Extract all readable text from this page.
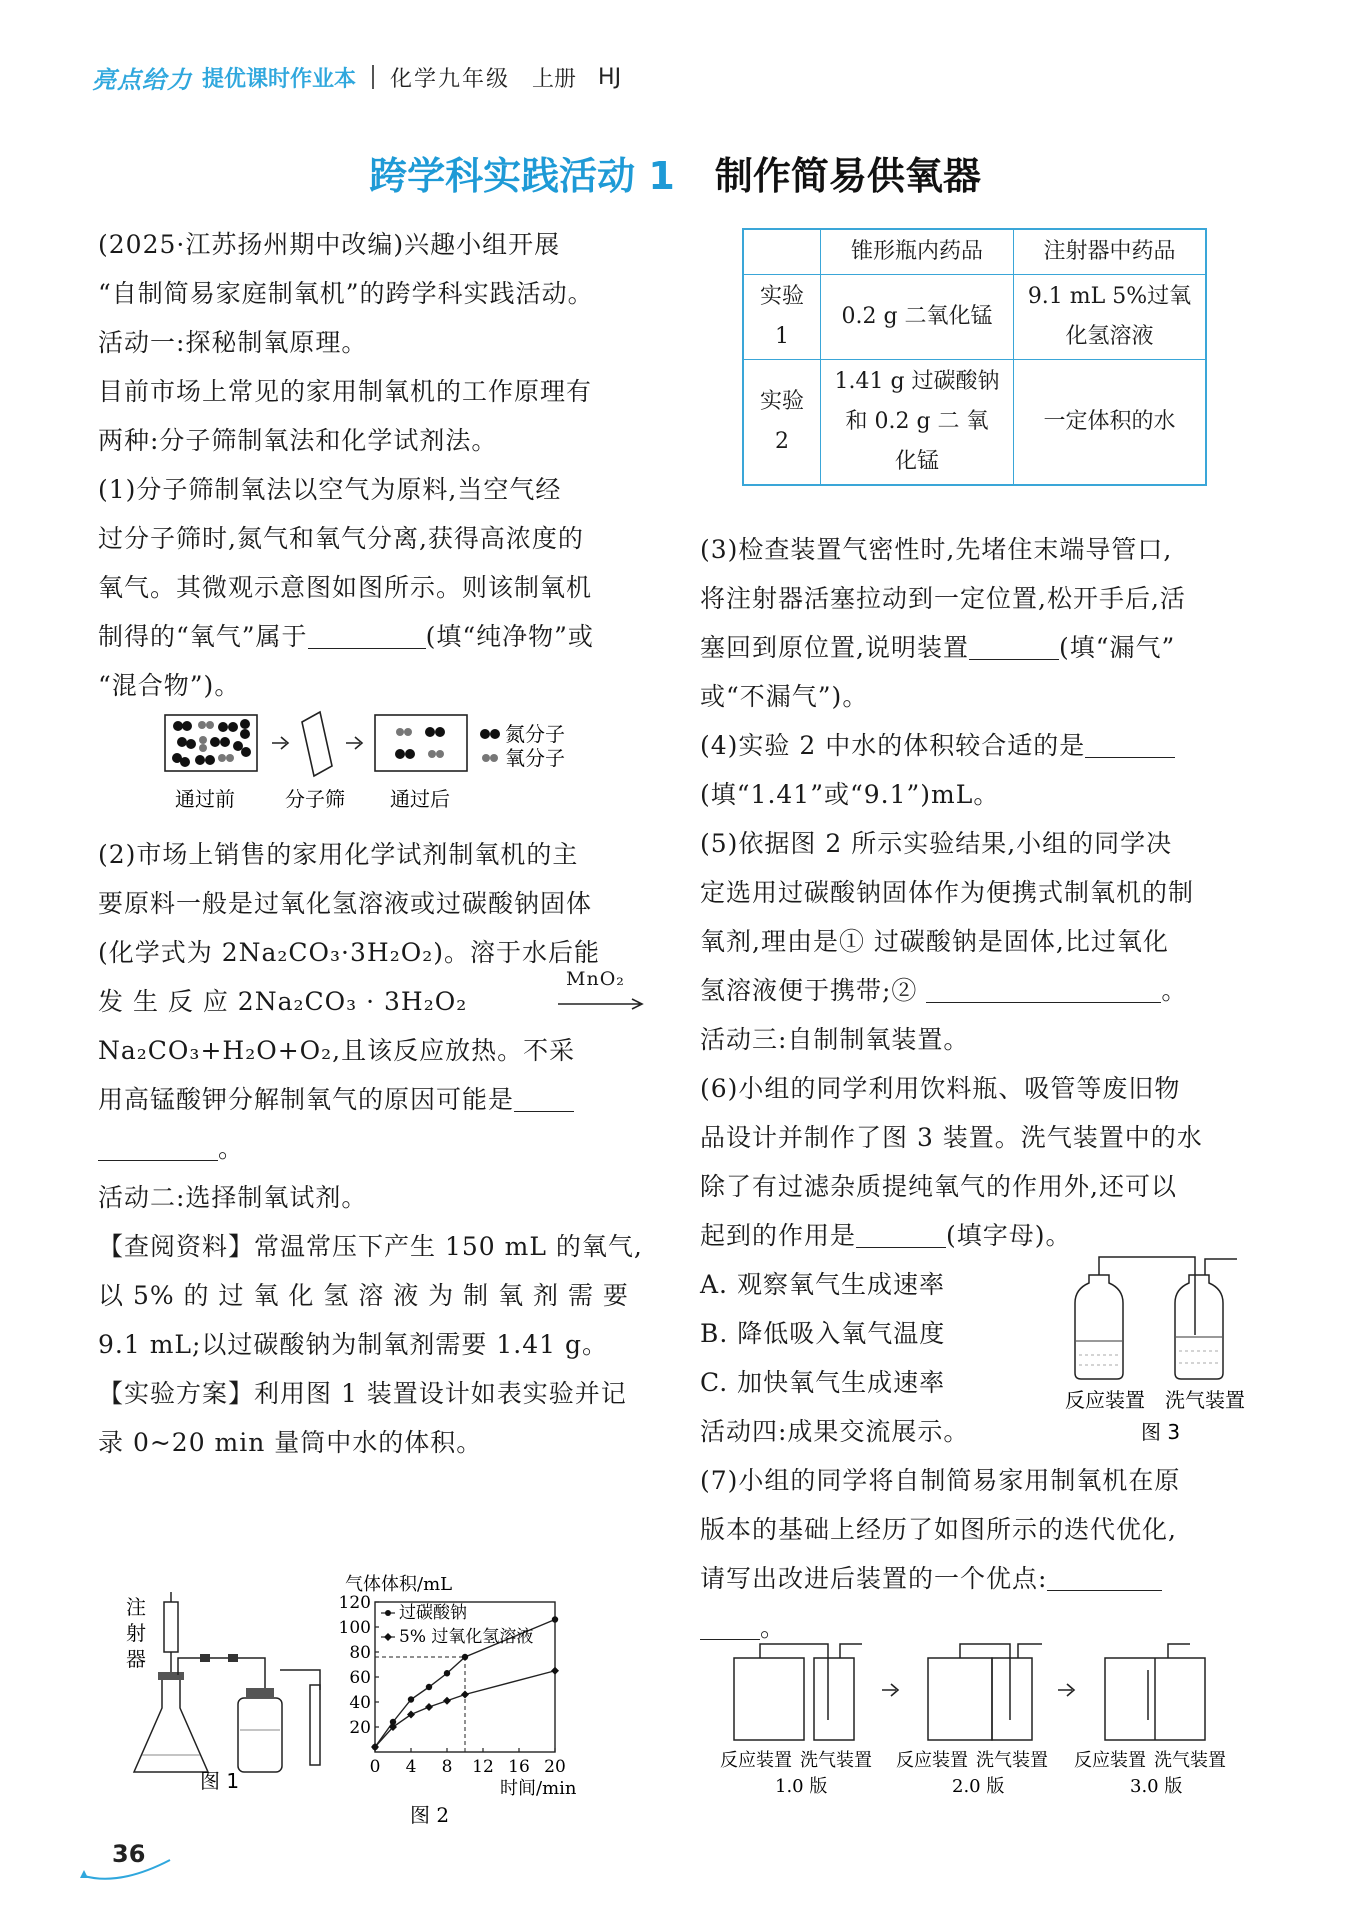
亮点给力 提优课时作业本 化学九年级 上册 HJ
跨学科实践活动 1 制作简易供氧器

(2025·江苏扬州期中改编)兴趣小组开展

“自制简易家庭制氧机”的跨学科实践活动。

活动一:探秘制氧原理。

目前市场上常见的家用制氧机的工作原理有

两种:分子筛制氧法和化学试剂法。

(1)分子筛制氧法以空气为原料,当空气经

过分子筛时,氮气和氧气分离,获得高浓度的

氧气。其微观示意图如图所示。则该制氧机

制得的“氧气”属于	(填“纯净物”或

“混合物”)。

氮分子
氧分子
通过前	分子筛 通过后

(2)市场上销售的家用化学试剂制氧机的主

要原料一般是过氧化氢溶液或过碳酸钠固体

(化学式为 2Na₂CO₃·3H₂O₂)。溶于水后能

发 生 反 应 2Na₂CO₃ · 3H₂O₂
MnO₂

Na₂CO₃+H₂O+O₂,且该反应放热。不采

用高锰酸钾分解制氧气的原因可能是

。

活动二:选择制氧试剂。

【查阅资料】常温常压下产生 150 mL 的氧气,

以 5% 的 过 氧 化 氢 溶 液 为 制 氧 剂 需 要

9.1 mL;以过碳酸钠为制氧剂需要 1.41 g。

【实验方案】利用图 1 装置设计如表实验并记

录 0~20 min 量筒中水的体积。

注
射
器
图 1
气体体积/mL
时间/min
0 4 8 12 16 20
20
40
60
80
100
120 过碳酸钠
5% 过氧化氢溶液
图 2
	锥形瓶内药品	注射器中药品
实验 1	0.2 g 二氧化锰	9.1 mL 5%过氧
化氢溶液

实验 2	1.41 g 过碳酸钠
和 0.2 g 二 氧
化锰	一定体积的水

(3)检查装置气密性时,先堵住末端导管口,

将注射器活塞拉动到一定位置,松开手后,活

塞回到原位置,说明装置	(填“漏气”

或“不漏气”)。

(4)实验 2 中水的体积较合适的是

(填“1.41”或“9.1”)mL。

(5)依据图 2 所示实验结果,小组的同学决

定选用过碳酸钠固体作为便携式制氧机的制

氧剂,理由是① 过碳酸钠是固体,比过氧化

氢溶液便于携带;②	。

活动三:自制制氧装置。

(6)小组的同学利用饮料瓶、吸管等废旧物

品设计并制作了图 3 装置。洗气装置中的水

除了有过滤杂质提纯氧气的作用外,还可以

起到的作用是	(填字母)。

A. 观察氧气生成速率

B. 降低吸入氧气温度

C. 加快氧气生成速率

活动四:成果交流展示。

(7)小组的同学将自制简易家用制氧机在原

版本的基础上经历了如图所示的迭代优化,

请写出改进后装置的一个优点:

。

反应装置 洗气装置
图 3
反应装置 洗气装置 反应装置 洗气装置 反应装置 洗气装置
1.0 版	2.0 版	3.0 版
36
